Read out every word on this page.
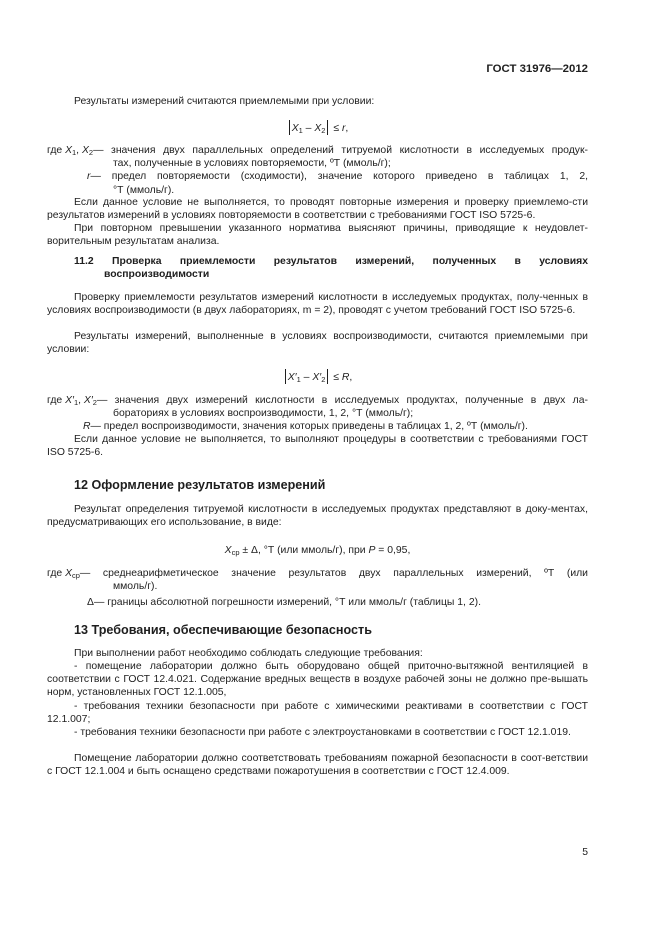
ГОСТ 31976—2012
Результаты измерений считаются приемлемыми при условии:
$X_1 - X_2 \le r$,
где $X_1$, $X_2$ — значения двух параллельных определений титруемой кислотности в исследуемых продук-
тах, полученные в условиях повторяемости, ºТ (ммоль/г);
r — предел повторяемости (сходимости), значение которого приведено в таблицах 1, 2,
°Т (ммоль/г).
Если данное условие не выполняется, то проводят повторные измерения и проверку приемлемо-сти результатов измерений в условиях повторяемости в соответствии с требованиями ГОСТ ISO 5725-6.
При повторном превышении указанного норматива выясняют причины, приводящие к неудовлет-ворительным результатам анализа.
11.2 Проверка приемлемости результатов измерений, полученных в условиях
воспроизводимости
Проверку приемлемости результатов измерений кислотности в исследуемых продуктах, полу-ченных в условиях воспроизводимости (в двух лабораториях, m = 2), проводят с учетом требований ГОСТ ISO 5725-6.
Результаты измерений, выполненные в условиях воспроизводимости, считаются приемлемыми при условии:
$X'_1 - X'_2 \le R$,
где $X'_1$, $X'_2$ — значения двух измерений кислотности в исследуемых продуктах, полученные в двух ла-
бораториях в условиях воспроизводимости, 1, 2, °Т (ммоль/г);
R — предел воспроизводимости, значения которых приведены в таблицах 1, 2, ºТ (ммоль/г).
Если данное условие не выполняется, то выполняют процедуры в соответствии с требованиями ГОСТ ISO 5725-6.
12 Оформление результатов измерений
Результат определения титруемой кислотности в исследуемых продуктах представляют в доку-ментах, предусматривающих его использование, в виде:
$X_{ср} \pm \Delta$, °Т (или ммоль/г), при P = 0,95,
где $X_{ср}$ — среднеарифметическое значение результатов двух параллельных измерений, ºТ (или
ммоль/г).
Δ — границы абсолютной погрешности измерений, °Т или ммоль/г (таблицы 1, 2).
13 Требования, обеспечивающие безопасность
При выполнении работ необходимо соблюдать следующие требования:
- помещение лаборатории должно быть оборудовано общей приточно-вытяжной вентиляцией в соответствии с ГОСТ 12.4.021. Содержание вредных веществ в воздухе рабочей зоны не должно пре-вышать норм, установленных ГОСТ 12.1.005,
- требования техники безопасности при работе с химическими реактивами в соответствии с ГОСТ 12.1.007;
- требования техники безопасности при работе с электроустановками в соответствии с ГОСТ 12.1.019.
Помещение лаборатории должно соответствовать требованиям пожарной безопасности в соот-ветствии с ГОСТ 12.1.004 и быть оснащено средствами пожаротушения в соответствии с ГОСТ 12.4.009.
5
